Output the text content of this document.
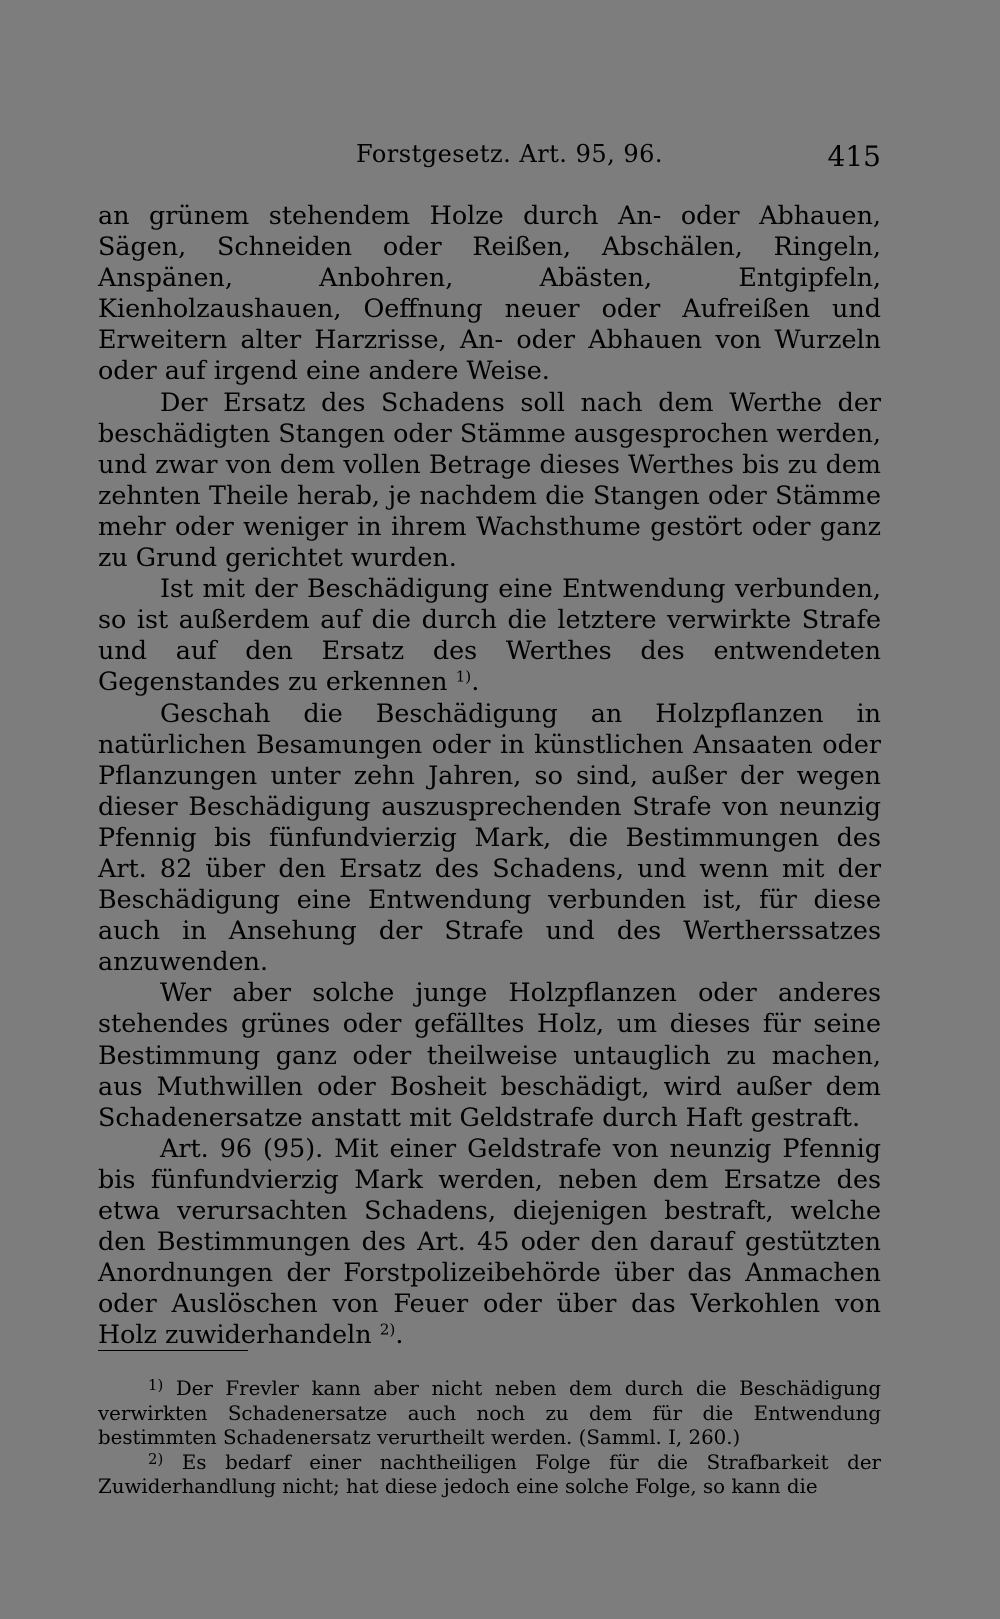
Forstgesetz. Art. 95, 96.	415

an grünem stehendem Holze durch An- oder Abhauen, Sägen, Schneiden oder Reißen, Abschälen, Ringeln, Anspänen, Anbohren, Abästen, Entgipfeln, Kienholzaushauen, Oeffnung neuer oder Aufreißen und Erweitern alter Harzrisse, An- oder Abhauen von Wurzeln oder auf irgend eine andere Weise.

Der Ersatz des Schadens soll nach dem Werthe der beschädigten Stangen oder Stämme ausgesprochen werden, und zwar von dem vollen Betrage dieses Werthes bis zu dem zehnten Theile herab, je nachdem die Stangen oder Stämme mehr oder weniger in ihrem Wachsthume gestört oder ganz zu Grund gerichtet wurden.

Ist mit der Beschädigung eine Entwendung verbunden, so ist außerdem auf die durch die letztere verwirkte Strafe und auf den Ersatz des Werthes des entwendeten Gegenstandes zu erkennen $^{1)}$.

Geschah die Beschädigung an Holzpflanzen in natürlichen Besamungen oder in künstlichen Ansaaten oder Pflanzungen unter zehn Jahren, so sind, außer der wegen dieser Beschädigung auszusprechenden Strafe von neunzig Pfennig bis fünfundvierzig Mark, die Bestimmungen des Art. 82 über den Ersatz des Schadens, und wenn mit der Beschädigung eine Entwendung verbunden ist, für diese auch in Ansehung der Strafe und des Wertherssatzes anzuwenden.

Wer aber solche junge Holzpflanzen oder anderes stehendes grünes oder gefälltes Holz, um dieses für seine Bestimmung ganz oder theilweise untauglich zu machen, aus Muthwillen oder Bosheit beschädigt, wird außer dem Schadenersatze anstatt mit Geldstrafe durch Haft gestraft.

Art. 96 (95). Mit einer Geldstrafe von neunzig Pfennig bis fünfundvierzig Mark werden, neben dem Ersatze des etwa verursachten Schadens, diejenigen bestraft, welche den Bestimmungen des Art. 45 oder den darauf gestützten Anordnungen der Forstpolizeibehörde über das Anmachen oder Auslöschen von Feuer oder über das Verkohlen von Holz zuwiderhandeln $^{2)}$.

$^{1)}$ Der Frevler kann aber nicht neben dem durch die Beschädigung verwirkten Schadenersatze auch noch zu dem für die Entwendung bestimmten Schadenersatz verurtheilt werden. (Samml. I, 260.)

$^{2)}$ Es bedarf einer nachtheiligen Folge für die Strafbarkeit der Zuwiderhandlung nicht; hat diese jedoch eine solche Folge, so kann die
